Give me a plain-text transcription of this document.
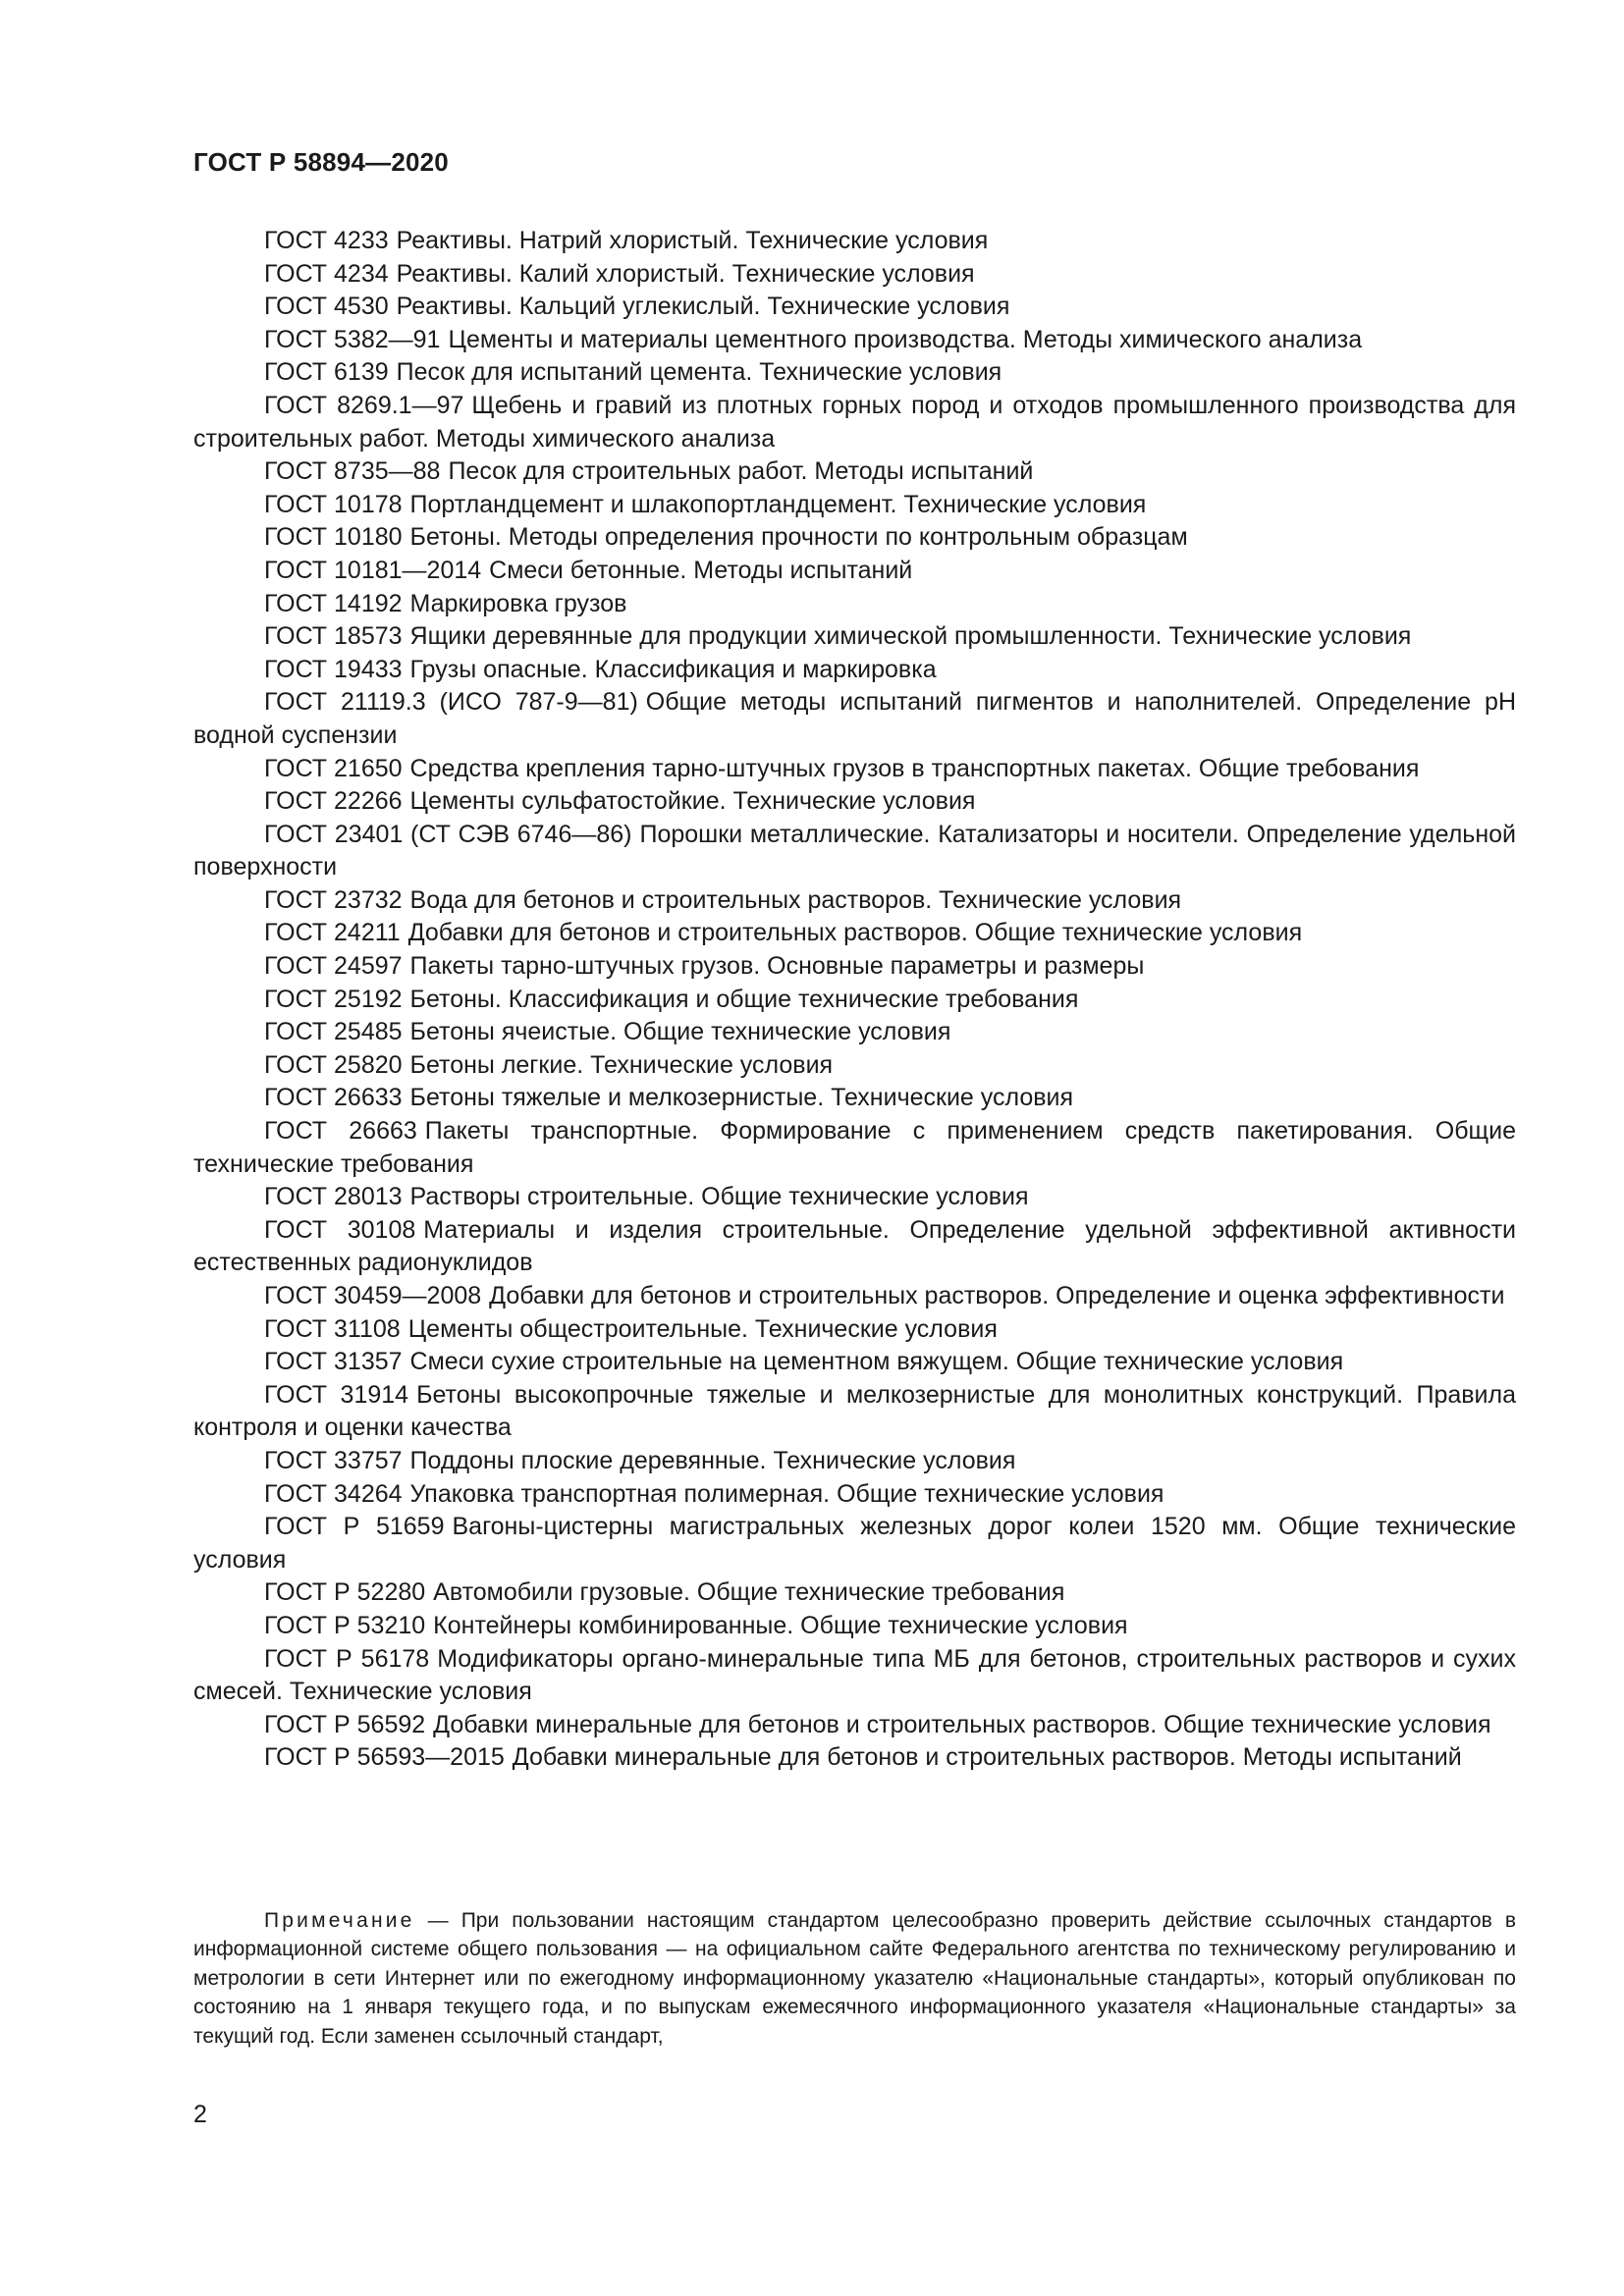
ГОСТ Р 58894—2020
ГОСТ 4233 Реактивы. Натрий хлористый. Технические условия
ГОСТ 4234 Реактивы. Калий хлористый. Технические условия
ГОСТ 4530 Реактивы. Кальций углекислый. Технические условия
ГОСТ 5382—91 Цементы и материалы цементного производства. Методы химического анализа
ГОСТ 6139 Песок для испытаний цемента. Технические условия
ГОСТ 8269.1—97 Щебень и гравий из плотных горных пород и отходов промышленного производства для строительных работ. Методы химического анализа
ГОСТ 8735—88 Песок для строительных работ. Методы испытаний
ГОСТ 10178 Портландцемент и шлакопортландцемент. Технические условия
ГОСТ 10180 Бетоны. Методы определения прочности по контрольным образцам
ГОСТ 10181—2014 Смеси бетонные. Методы испытаний
ГОСТ 14192 Маркировка грузов
ГОСТ 18573 Ящики деревянные для продукции химической промышленности. Технические условия
ГОСТ 19433 Грузы опасные. Классификация и маркировка
ГОСТ 21119.3 (ИСО 787-9—81) Общие методы испытаний пигментов и наполнителей. Определение pH водной суспензии
ГОСТ 21650 Средства крепления тарно-штучных грузов в транспортных пакетах. Общие требования
ГОСТ 22266 Цементы сульфатостойкие. Технические условия
ГОСТ 23401 (СТ СЭВ 6746—86) Порошки металлические. Катализаторы и носители. Определение удельной поверхности
ГОСТ 23732 Вода для бетонов и строительных растворов. Технические условия
ГОСТ 24211 Добавки для бетонов и строительных растворов. Общие технические условия
ГОСТ 24597 Пакеты тарно-штучных грузов. Основные параметры и размеры
ГОСТ 25192 Бетоны. Классификация и общие технические требования
ГОСТ 25485 Бетоны ячеистые. Общие технические условия
ГОСТ 25820 Бетоны легкие. Технические условия
ГОСТ 26633 Бетоны тяжелые и мелкозернистые. Технические условия
ГОСТ 26663 Пакеты транспортные. Формирование с применением средств пакетирования. Общие технические требования
ГОСТ 28013 Растворы строительные. Общие технические условия
ГОСТ 30108 Материалы и изделия строительные. Определение удельной эффективной активности естественных радионуклидов
ГОСТ 30459—2008 Добавки для бетонов и строительных растворов. Определение и оценка эффективности
ГОСТ 31108 Цементы общестроительные. Технические условия
ГОСТ 31357 Смеси сухие строительные на цементном вяжущем. Общие технические условия
ГОСТ 31914 Бетоны высокопрочные тяжелые и мелкозернистые для монолитных конструкций. Правила контроля и оценки качества
ГОСТ 33757 Поддоны плоские деревянные. Технические условия
ГОСТ 34264 Упаковка транспортная полимерная. Общие технические условия
ГОСТ Р 51659 Вагоны-цистерны магистральных железных дорог колеи 1520 мм. Общие технические условия
ГОСТ Р 52280 Автомобили грузовые. Общие технические требования
ГОСТ Р 53210 Контейнеры комбинированные. Общие технические условия
ГОСТ Р 56178 Модификаторы органо-минеральные типа МБ для бетонов, строительных растворов и сухих смесей. Технические условия
ГОСТ Р 56592 Добавки минеральные для бетонов и строительных растворов. Общие технические условия
ГОСТ Р 56593—2015 Добавки минеральные для бетонов и строительных растворов. Методы испытаний
Примечание — При пользовании настоящим стандартом целесообразно проверить действие ссылочных стандартов в информационной системе общего пользования — на официальном сайте Федерального агентства по техническому регулированию и метрологии в сети Интернет или по ежегодному информационному указателю «Национальные стандарты», который опубликован по состоянию на 1 января текущего года, и по выпускам ежемесячного информационного указателя «Национальные стандарты» за текущий год. Если заменен ссылочный стандарт,
2
